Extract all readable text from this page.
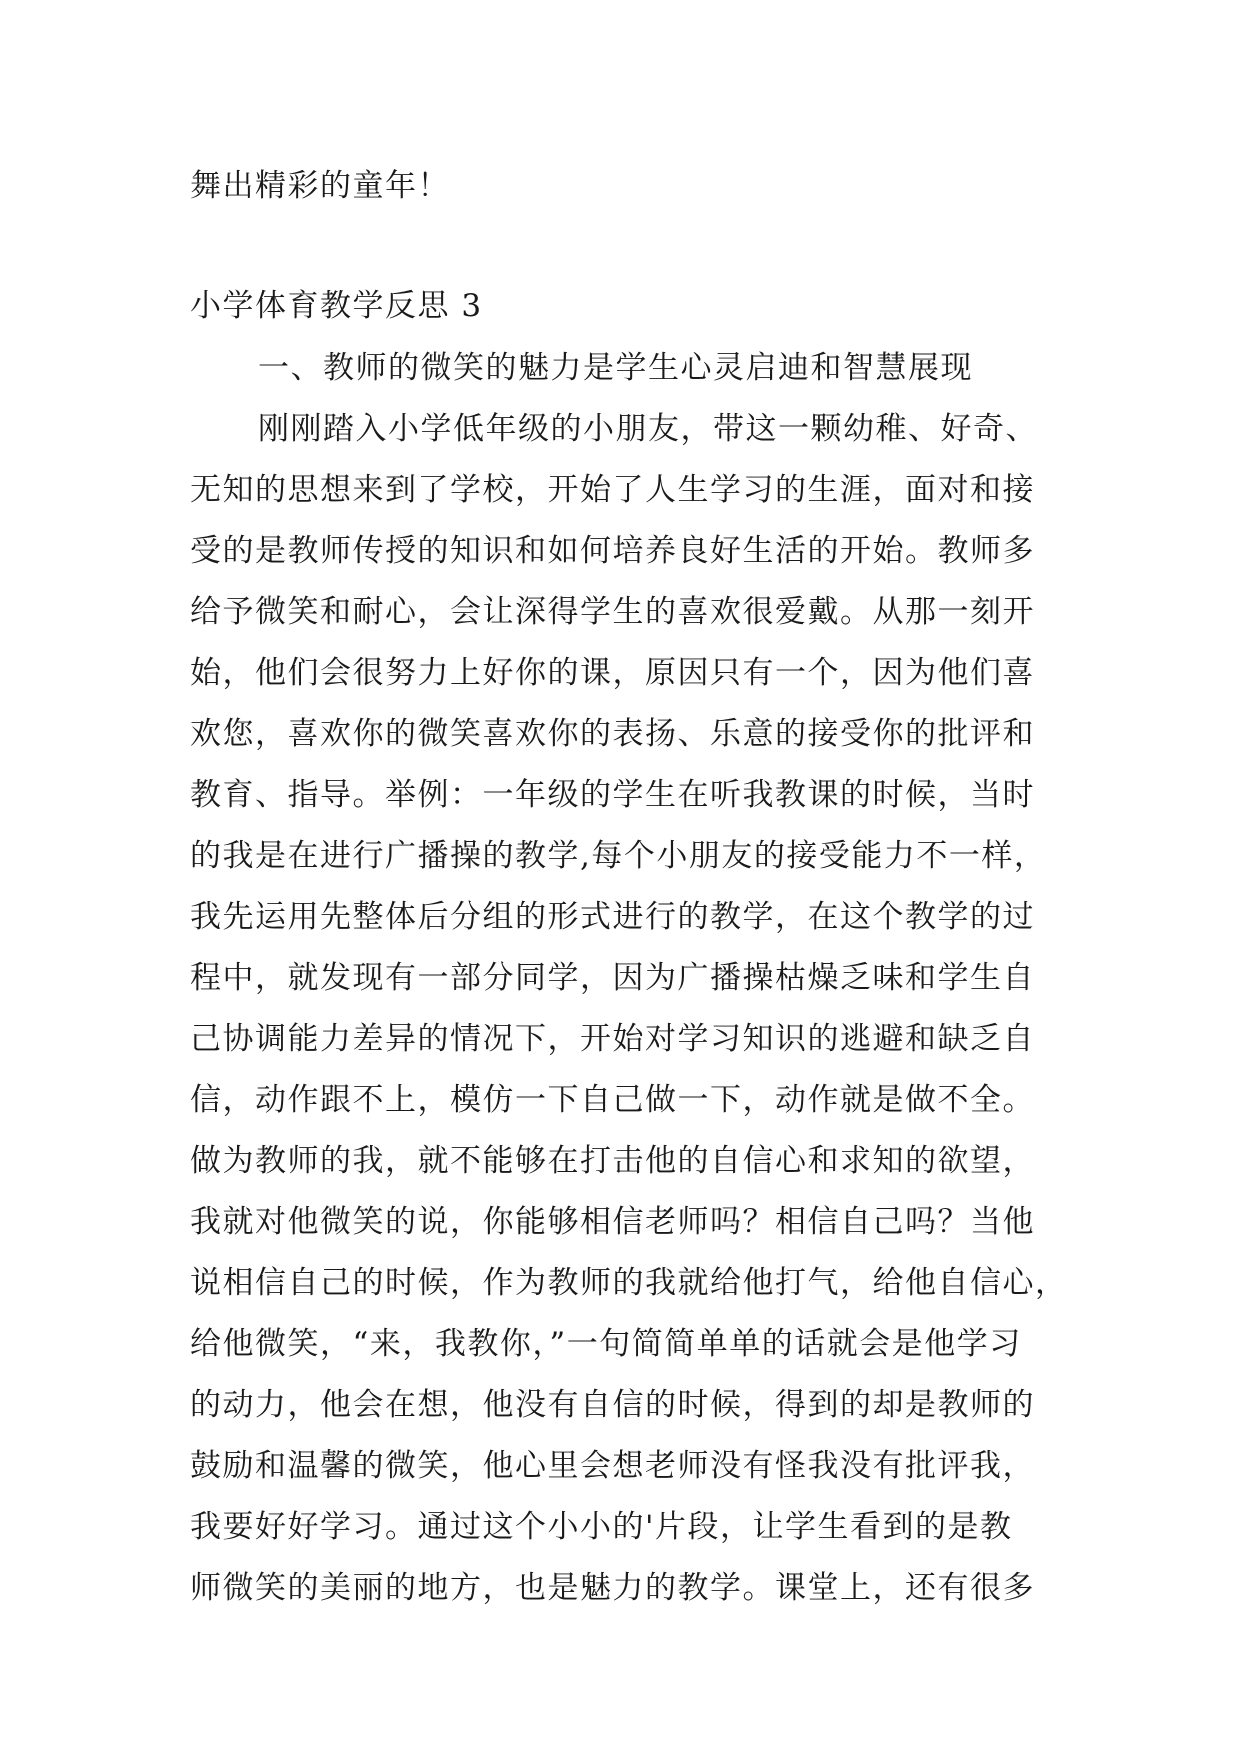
舞出精彩的童年！
小学体育教学反思 3
一、教师的微笑的魅力是学生心灵启迪和智慧展现
刚刚踏入小学低年级的小朋友，带这一颗幼稚、好奇、
无知的思想来到了学校，开始了人生学习的生涯，面对和接
受的是教师传授的知识和如何培养良好生活的开始。教师多
给予微笑和耐心，会让深得学生的喜欢很爱戴。从那一刻开
始，他们会很努力上好你的课，原因只有一个，因为他们喜
欢您，喜欢你的微笑喜欢你的表扬、乐意的接受你的批评和
教育、指导。举例：一年级的学生在听我教课的时候，当时
的我是在进行广播操的教学,每个小朋友的接受能力不一样，
我先运用先整体后分组的形式进行的教学，在这个教学的过
程中，就发现有一部分同学，因为广播操枯燥乏味和学生自
己协调能力差异的情况下，开始对学习知识的逃避和缺乏自
信，动作跟不上，模仿一下自己做一下，动作就是做不全。
做为教师的我，就不能够在打击他的自信心和求知的欲望，
我就对他微笑的说，你能够相信老师吗？相信自己吗？当他
说相信自己的时候，作为教师的我就给他打气，给他自信心，
给他微笑，“来，我教你，”一句简简单单的话就会是他学习
的动力，他会在想，他没有自信的时候，得到的却是教师的
鼓励和温馨的微笑，他心里会想老师没有怪我没有批评我，
我要好好学习。通过这个小小的'片段，让学生看到的是教
师微笑的美丽的地方，也是魅力的教学。课堂上，还有很多
